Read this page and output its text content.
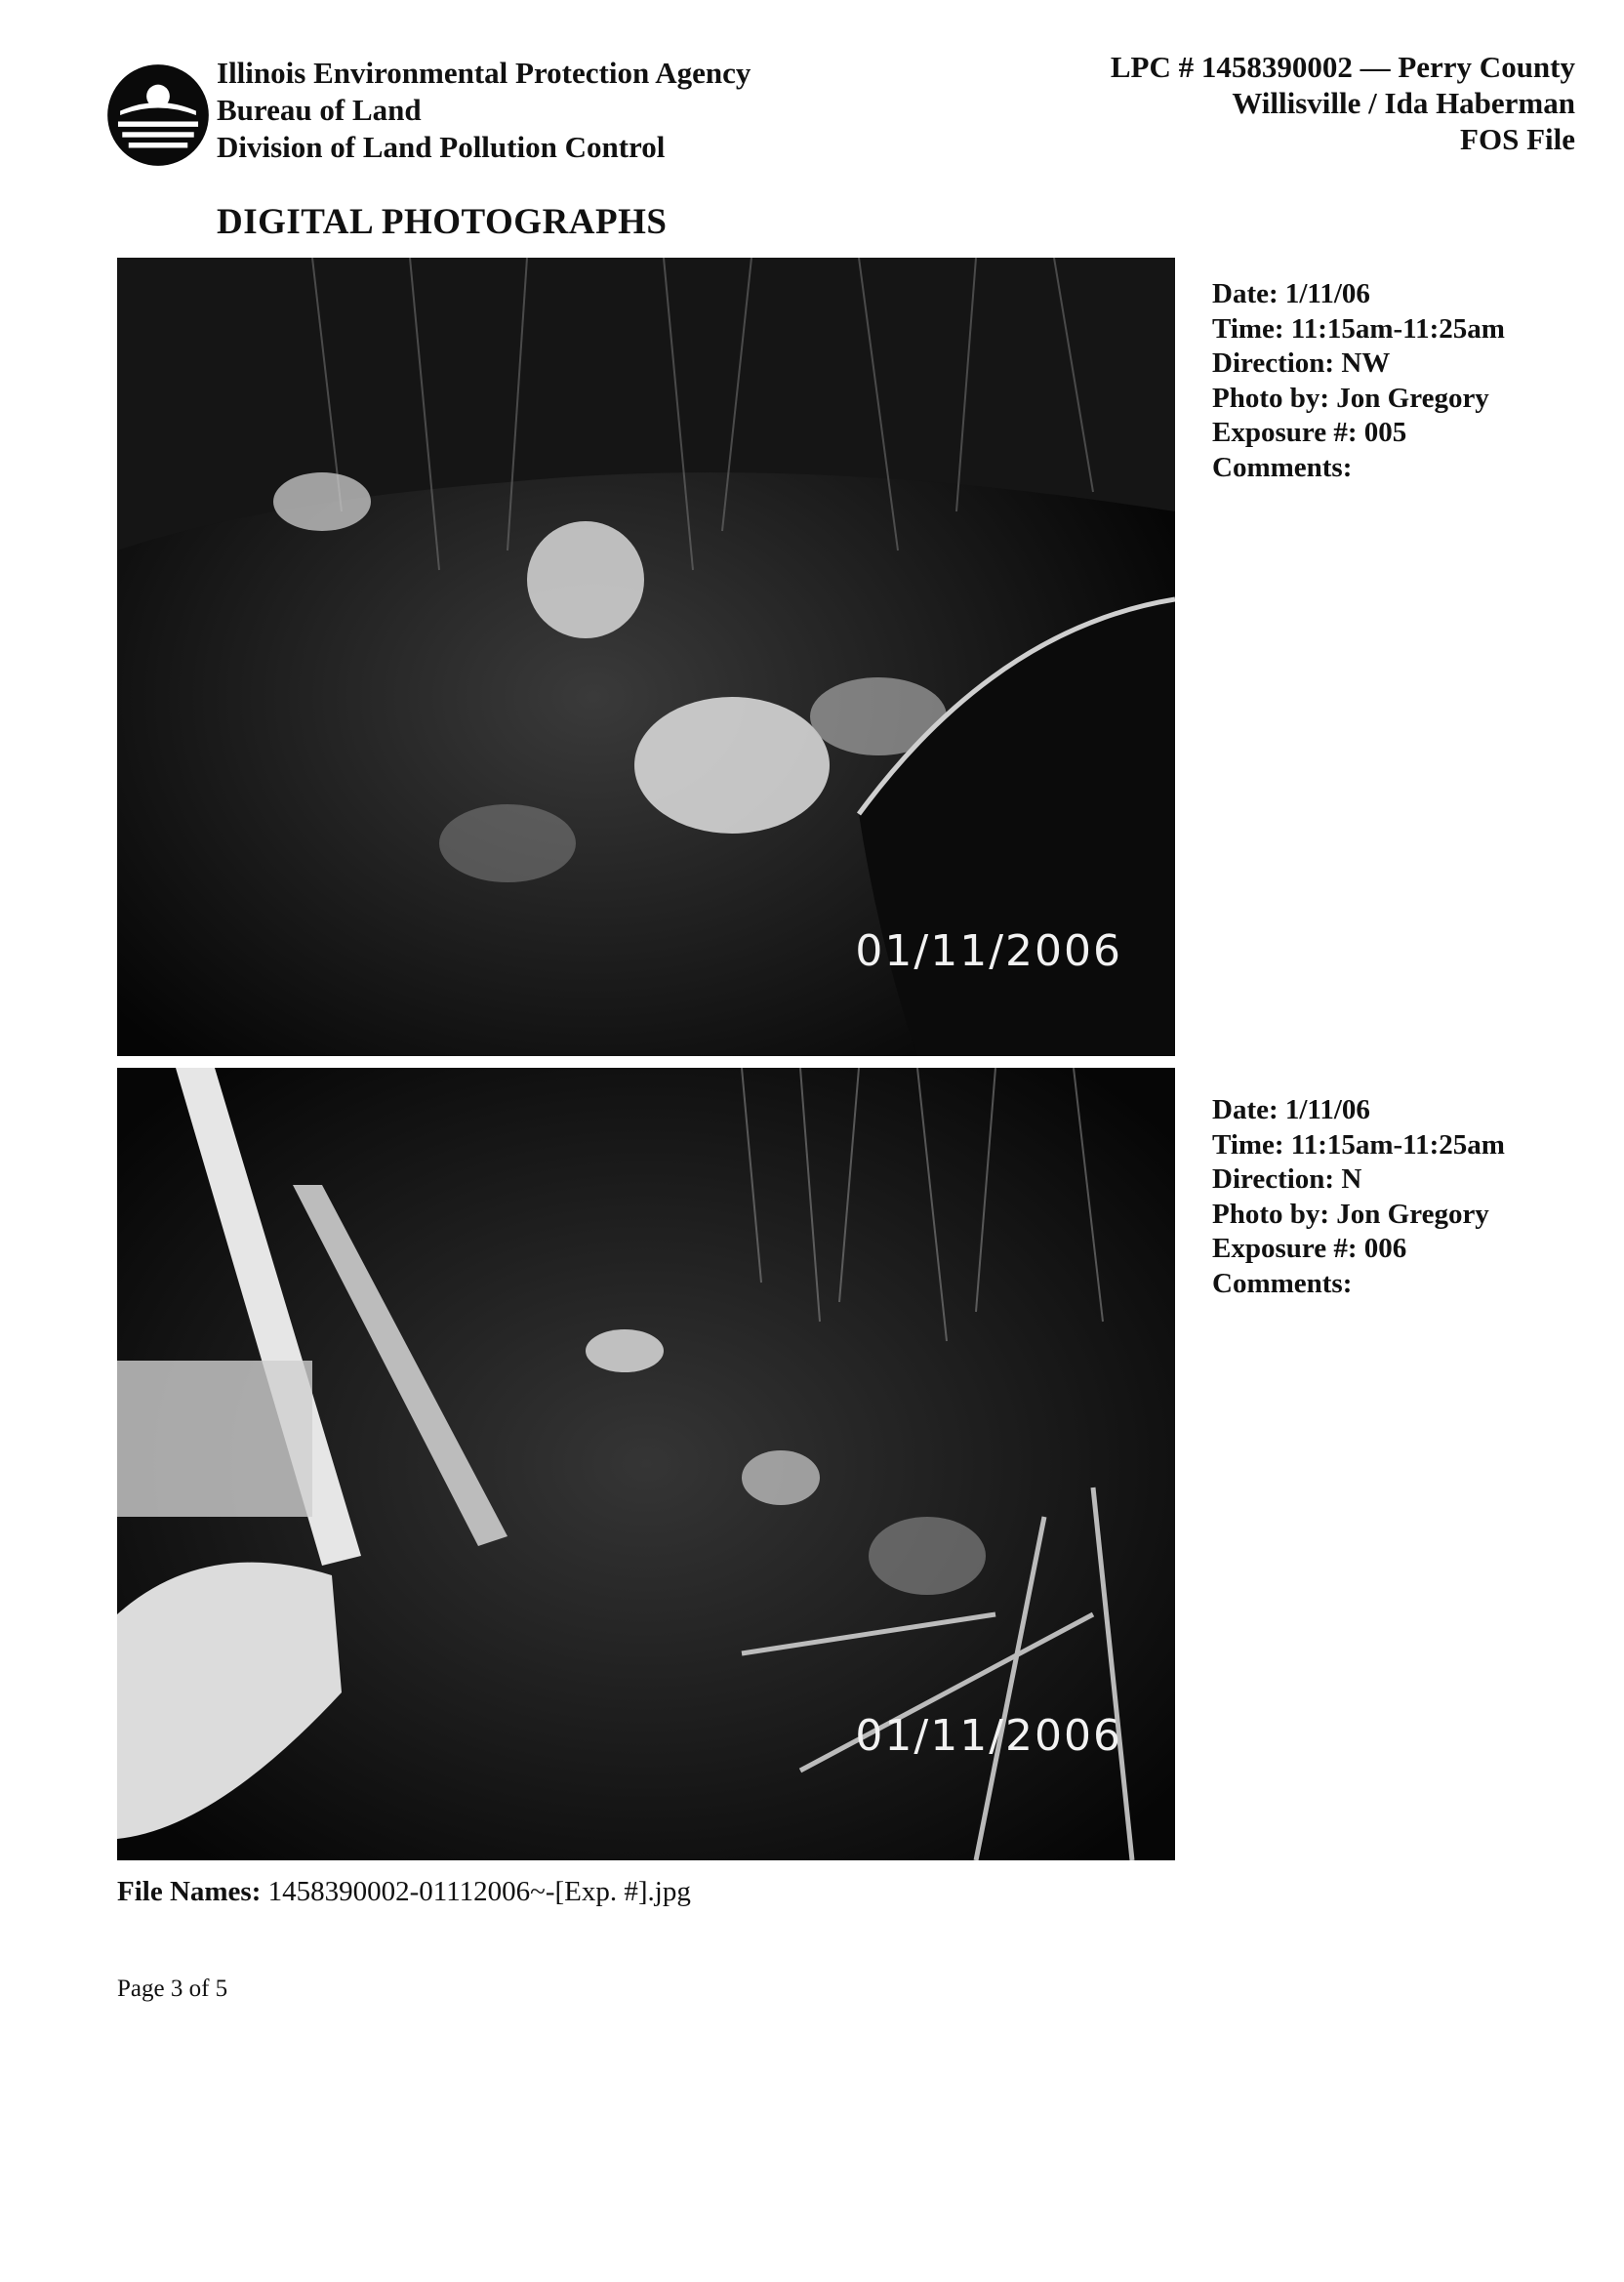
Illinois Environmental Protection Agency
Bureau of Land
Division of Land Pollution Control
LPC # 1458390002 — Perry County
Willisville / Ida Haberman
FOS File
DIGITAL PHOTOGRAPHS
01/11/2006
Date: 1/11/06
Time: 11:15am-11:25am
Direction: NW
Photo by: Jon Gregory
Exposure #: 005
Comments:
01/11/2006
Date: 1/11/06
Time: 11:15am-11:25am
Direction: N
Photo by: Jon Gregory
Exposure #: 006
Comments:
File Names: 1458390002-01112006~-[Exp. #].jpg
Page 3 of 5
